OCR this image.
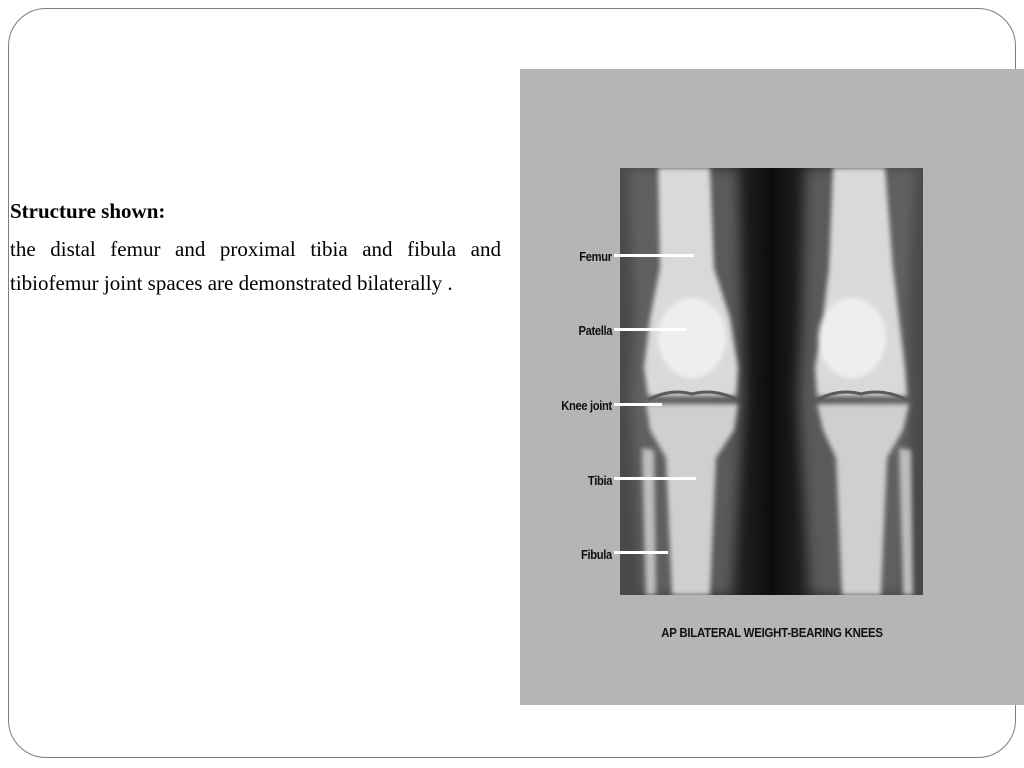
Structure shown:

the distal femur and proximal tibia and fibula and tibiofemur joint spaces are demonstrated bilaterally .

Femur
Patella
Knee joint
Tibia
Fibula
AP BILATERAL WEIGHT-BEARING KNEES
